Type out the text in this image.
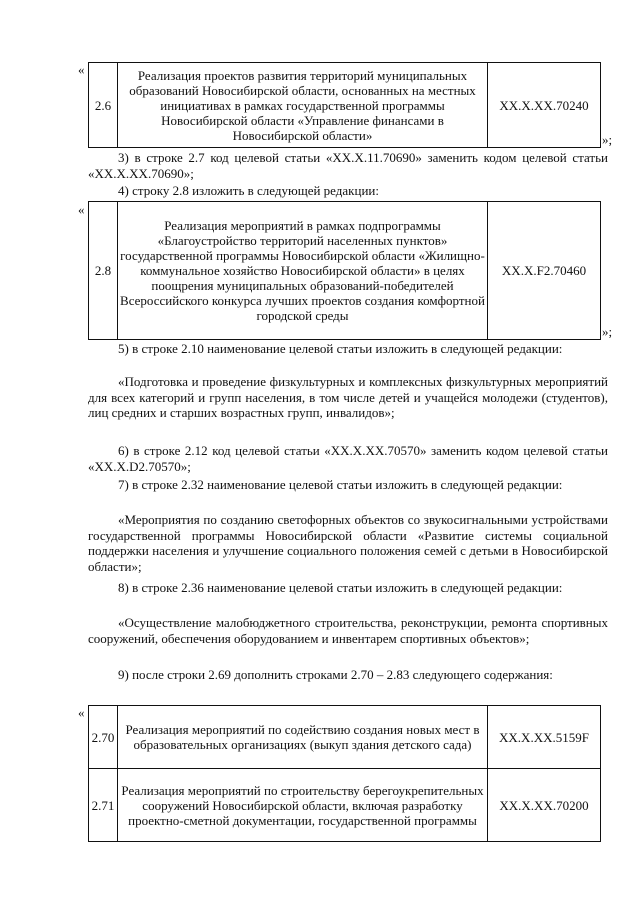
«
2.6	Реализация проектов развития территорий муниципальных образований Новосибирской области, основанных на местных инициативах в рамках государственной программы Новосибирской области «Управление финансами в Новосибирской области»	XX.X.XX.70240
»;
3) в строке 2.7 код целевой статьи «XX.X.11.70690» заменить кодом целевой статьи «XX.X.XX.70690»;
4) строку 2.8 изложить в следующей редакции:
«
2.8	Реализация мероприятий в рамках подпрограммы «Благоустройство территорий населенных пунктов» государственной программы Новосибирской области «Жилищно-коммунальное хозяйство Новосибирской области» в целях поощрения муниципальных образований-победителей Всероссийского конкурса лучших проектов создания комфортной городской среды	XX.X.F2.70460
»;
5) в строке 2.10 наименование целевой статьи изложить в следующей редакции:
«Подготовка и проведение физкультурных и комплексных физкультурных мероприятий для всех категорий и групп населения, в том числе детей и учащейся молодежи (студентов), лиц средних и старших возрастных групп, инвалидов»;
6) в строке 2.12 код целевой статьи «XX.X.XX.70570» заменить кодом целевой статьи «XX.X.D2.70570»;
7) в строке 2.32 наименование целевой статьи изложить в следующей редакции:
«Мероприятия по созданию светофорных объектов со звукосигнальными устройствами государственной программы Новосибирской области «Развитие системы социальной поддержки населения и улучшение социального положения семей с детьми в Новосибирской области»;
8) в строке 2.36 наименование целевой статьи изложить в следующей редакции:
«Осуществление малобюджетного строительства, реконструкции, ремонта спортивных сооружений, обеспечения оборудованием и инвентарем спортивных объектов»;
9) после строки 2.69 дополнить строками 2.70 – 2.83 следующего содержания:
«
2.70	Реализация мероприятий по содействию создания новых мест в образовательных организациях (выкуп здания детского сада)	XX.X.XX.5159F
2.71	Реализация мероприятий по строительству берегоукрепительных сооружений Новосибирской области, включая разработку проектно-сметной документации, государственной программы	XX.X.XX.70200
